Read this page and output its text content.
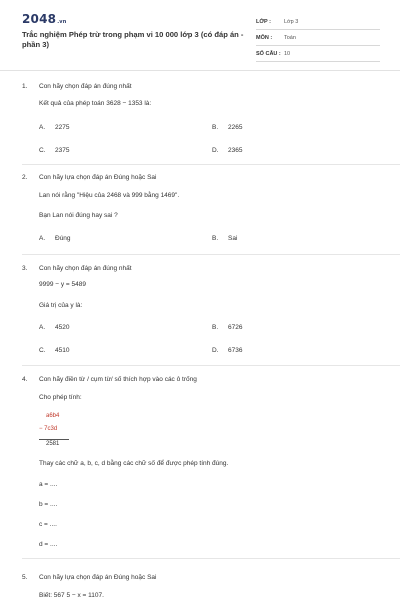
2048.vn
Trắc nghiệm Phép trừ trong phạm vi 10 000 lớp 3 (có đáp án - phần 3)
LỚP :	Lớp 3
MÔN :	Toán
SỐ CÂU : 10
1.	Con hãy chọn đáp án đúng nhất
Kết quả của phép toán 3628 − 1353 là:
A.	2275	B.	2265
C.	2375	D.	2365
2.	Con hãy lựa chọn đáp án Đúng hoặc Sai
Lan nói rằng "Hiệu của 2468 và 999 bằng 1469".
Bạn Lan nói đúng hay sai ?
A.	Đúng	B.	Sai
3.	Con hãy chọn đáp án đúng nhất
9999 − y = 5489
Giá trị của y là:
A.	4520	B.	6726
C.	4510	D.	6736
4.	Con hãy điền từ / cụm từ/ số thích hợp vào các ô trống
Cho phép tính:
a6b4
− 7c3d
2581
Thay các chữ a, b, c, d bằng các chữ số để được phép tính đúng.
a = ....
b = ....
c = ....
d = ....
5.	Con hãy lựa chọn đáp án Đúng hoặc Sai
Biết: 567 5 − x = 1107.
